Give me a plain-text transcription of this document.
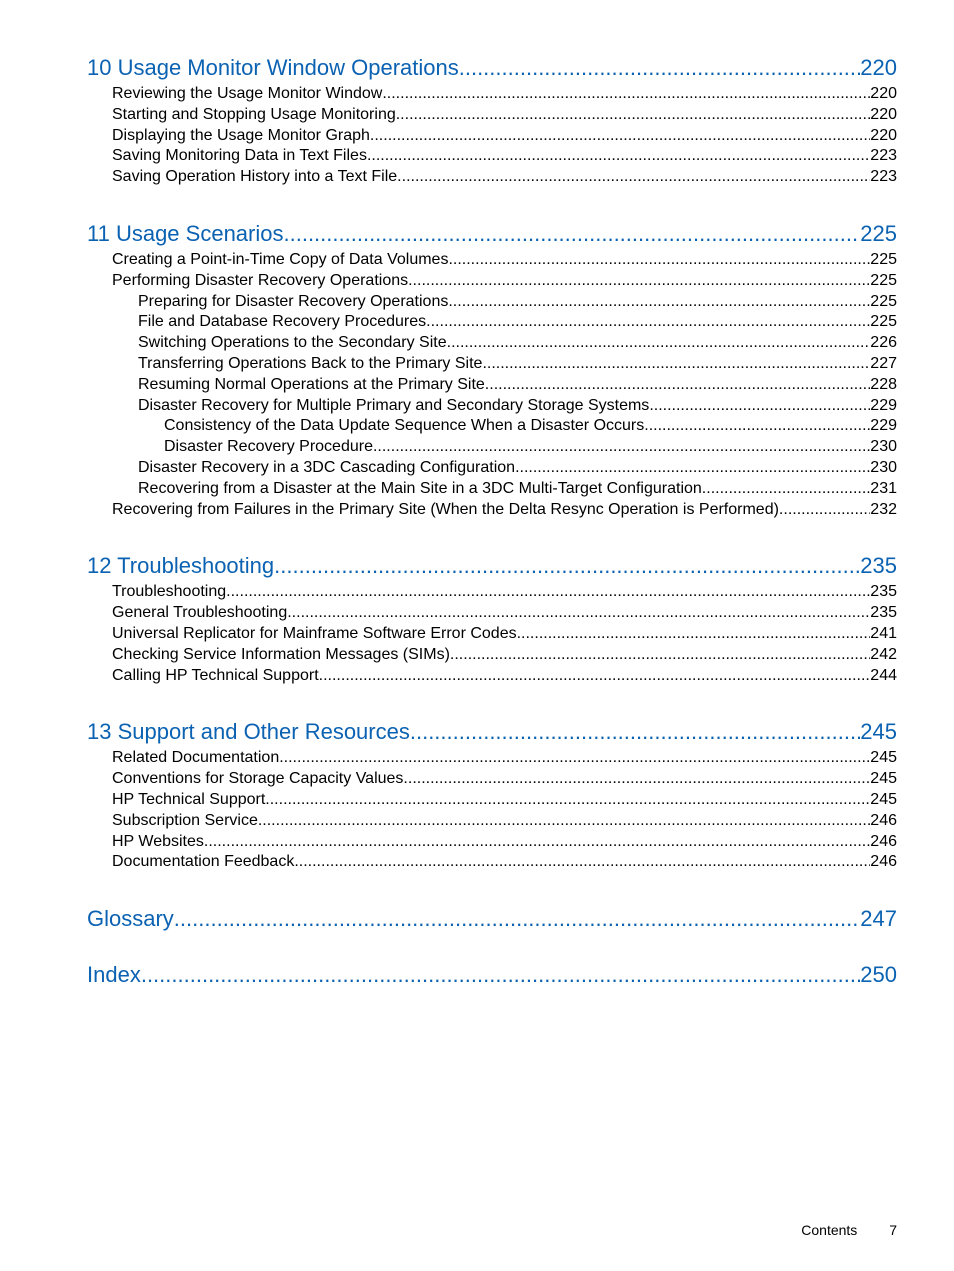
10 Usage Monitor Window Operations .....	220
Reviewing the Usage Monitor Window .....	220
Starting and Stopping Usage Monitoring .....	220
Displaying the Usage Monitor Graph .....	220
Saving Monitoring Data in Text Files .....	223
Saving Operation History into a Text File .....	223
11 Usage Scenarios .....	225
Creating a Point-in-Time Copy of Data Volumes .....	225
Performing Disaster Recovery Operations .....	225
Preparing for Disaster Recovery Operations .....	225
File and Database Recovery Procedures .....	225
Switching Operations to the Secondary Site .....	226
Transferring Operations Back to the Primary Site .....	227
Resuming Normal Operations at the Primary Site .....	228
Disaster Recovery for Multiple Primary and Secondary Storage Systems .....	229
Consistency of the Data Update Sequence When a Disaster Occurs .....	229
Disaster Recovery Procedure .....	230
Disaster Recovery in a 3DC Cascading Configuration .....	230
Recovering from a Disaster at the Main Site in a 3DC Multi-Target Configuration .....	231
Recovering from Failures in the Primary Site (When the Delta Resync Operation is Performed) .....	232
12 Troubleshooting .....	235
Troubleshooting .....	235
General Troubleshooting .....	235
Universal Replicator for Mainframe Software Error Codes .....	241
Checking Service Information Messages (SIMs) .....	242
Calling HP Technical Support .....	244
13 Support and Other Resources .....	245
Related Documentation .....	245
Conventions for Storage Capacity Values .....	245
HP Technical Support .....	245
Subscription Service .....	246
HP Websites .....	246
Documentation Feedback .....	246
Glossary .....	247
Index .....	250
Contents 7
